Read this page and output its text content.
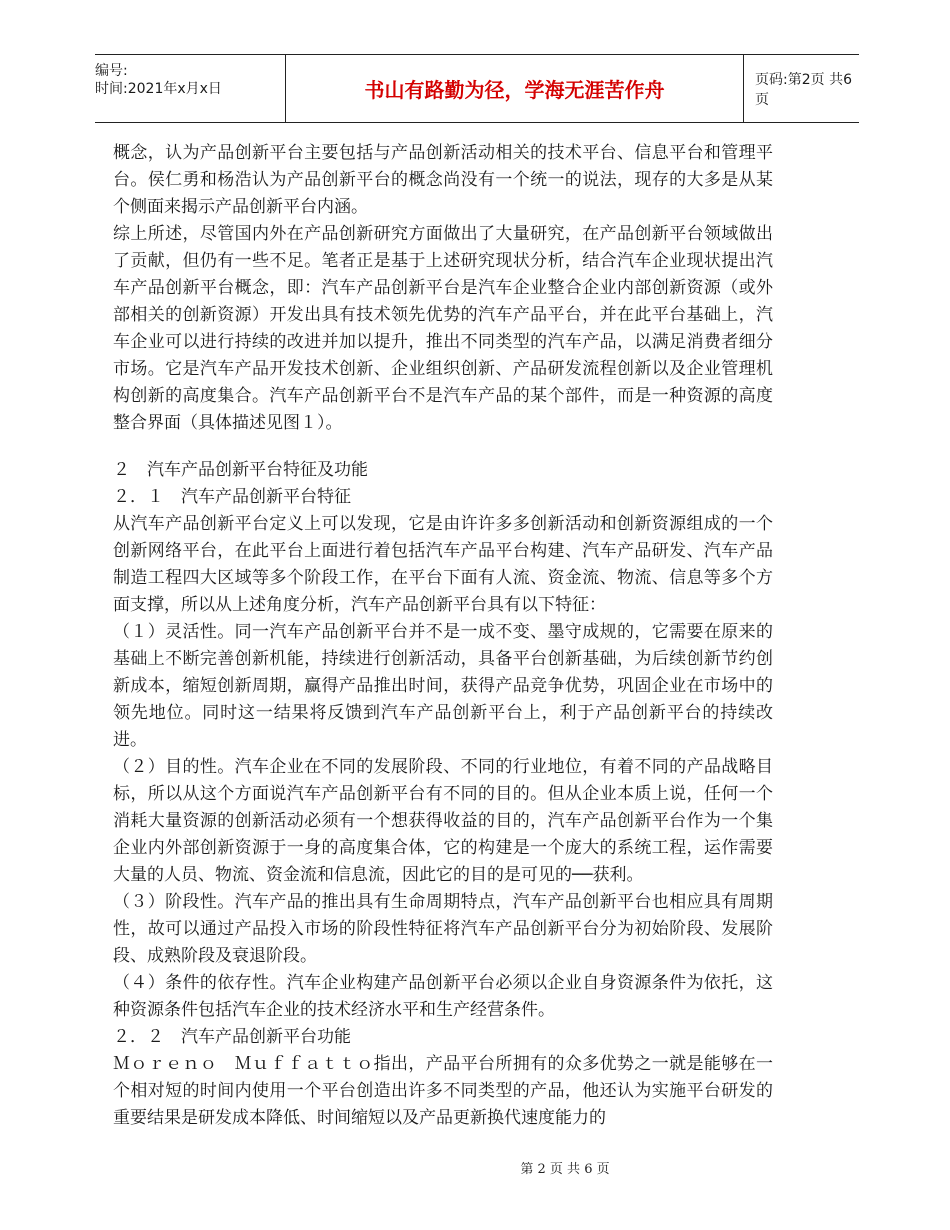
编号:
时间:2021年x月x日	书山有路勤为径，学海无涯苦作舟	页码:第2页 共6页

概念，认为产品创新平台主要包括与产品创新活动相关的技术平台、信息平台和管理平台。侯仁勇和杨浩认为产品创新平台的概念尚没有一个统一的说法，现存的大多是从某个侧面来揭示产品创新平台内涵。

综上所述，尽管国内外在产品创新研究方面做出了大量研究，在产品创新平台领域做出了贡献，但仍有一些不足。笔者正是基于上述研究现状分析，结合汽车企业现状提出汽车产品创新平台概念，即：汽车产品创新平台是汽车企业整合企业内部创新资源（或外部相关的创新资源）开发出具有技术领先优势的汽车产品平台，并在此平台基础上，汽车企业可以进行持续的改进并加以提升，推出不同类型的汽车产品，以满足消费者细分市场。它是汽车产品开发技术创新、企业组织创新、产品研发流程创新以及企业管理机构创新的高度集合。汽车产品创新平台不是汽车产品的某个部件，而是一种资源的高度整合界面（具体描述见图１）。

２　汽车产品创新平台特征及功能

２．１　汽车产品创新平台特征

从汽车产品创新平台定义上可以发现，它是由许许多多创新活动和创新资源组成的一个创新网络平台，在此平台上面进行着包括汽车产品平台构建、汽车产品研发、汽车产品制造工程四大区域等多个阶段工作，在平台下面有人流、资金流、物流、信息等多个方面支撑，所以从上述角度分析，汽车产品创新平台具有以下特征：

（１）灵活性。同一汽车产品创新平台并不是一成不变、墨守成规的，它需要在原来的基础上不断完善创新机能，持续进行创新活动，具备平台创新基础，为后续创新节约创新成本，缩短创新周期，赢得产品推出时间，获得产品竞争优势，巩固企业在市场中的领先地位。同时这一结果将反馈到汽车产品创新平台上，利于产品创新平台的持续改进。

（２）目的性。汽车企业在不同的发展阶段、不同的行业地位，有着不同的产品战略目标，所以从这个方面说汽车产品创新平台有不同的目的。但从企业本质上说，任何一个消耗大量资源的创新活动必须有一个想获得收益的目的，汽车产品创新平台作为一个集企业内外部创新资源于一身的高度集合体，它的构建是一个庞大的系统工程，运作需要大量的人员、物流、资金流和信息流，因此它的目的是可见的──获利。

（３）阶段性。汽车产品的推出具有生命周期特点，汽车产品创新平台也相应具有周期性，故可以通过产品投入市场的阶段性特征将汽车产品创新平台分为初始阶段、发展阶段、成熟阶段及衰退阶段。

（４）条件的依存性。汽车企业构建产品创新平台必须以企业自身资源条件为依托，这种资源条件包括汽车企业的技术经济水平和生产经营条件。

２．２　汽车产品创新平台功能

Ｍｏｒｅｎｏ　Ｍｕｆｆａｔｔｏ指出，产品平台所拥有的众多优势之一就是能够在一个相对短的时间内使用一个平台创造出许多不同类型的产品，他还认为实施平台研发的重要结果是研发成本降低、时间缩短以及产品更新换代速度能力的

第 2 页 共 6 页
